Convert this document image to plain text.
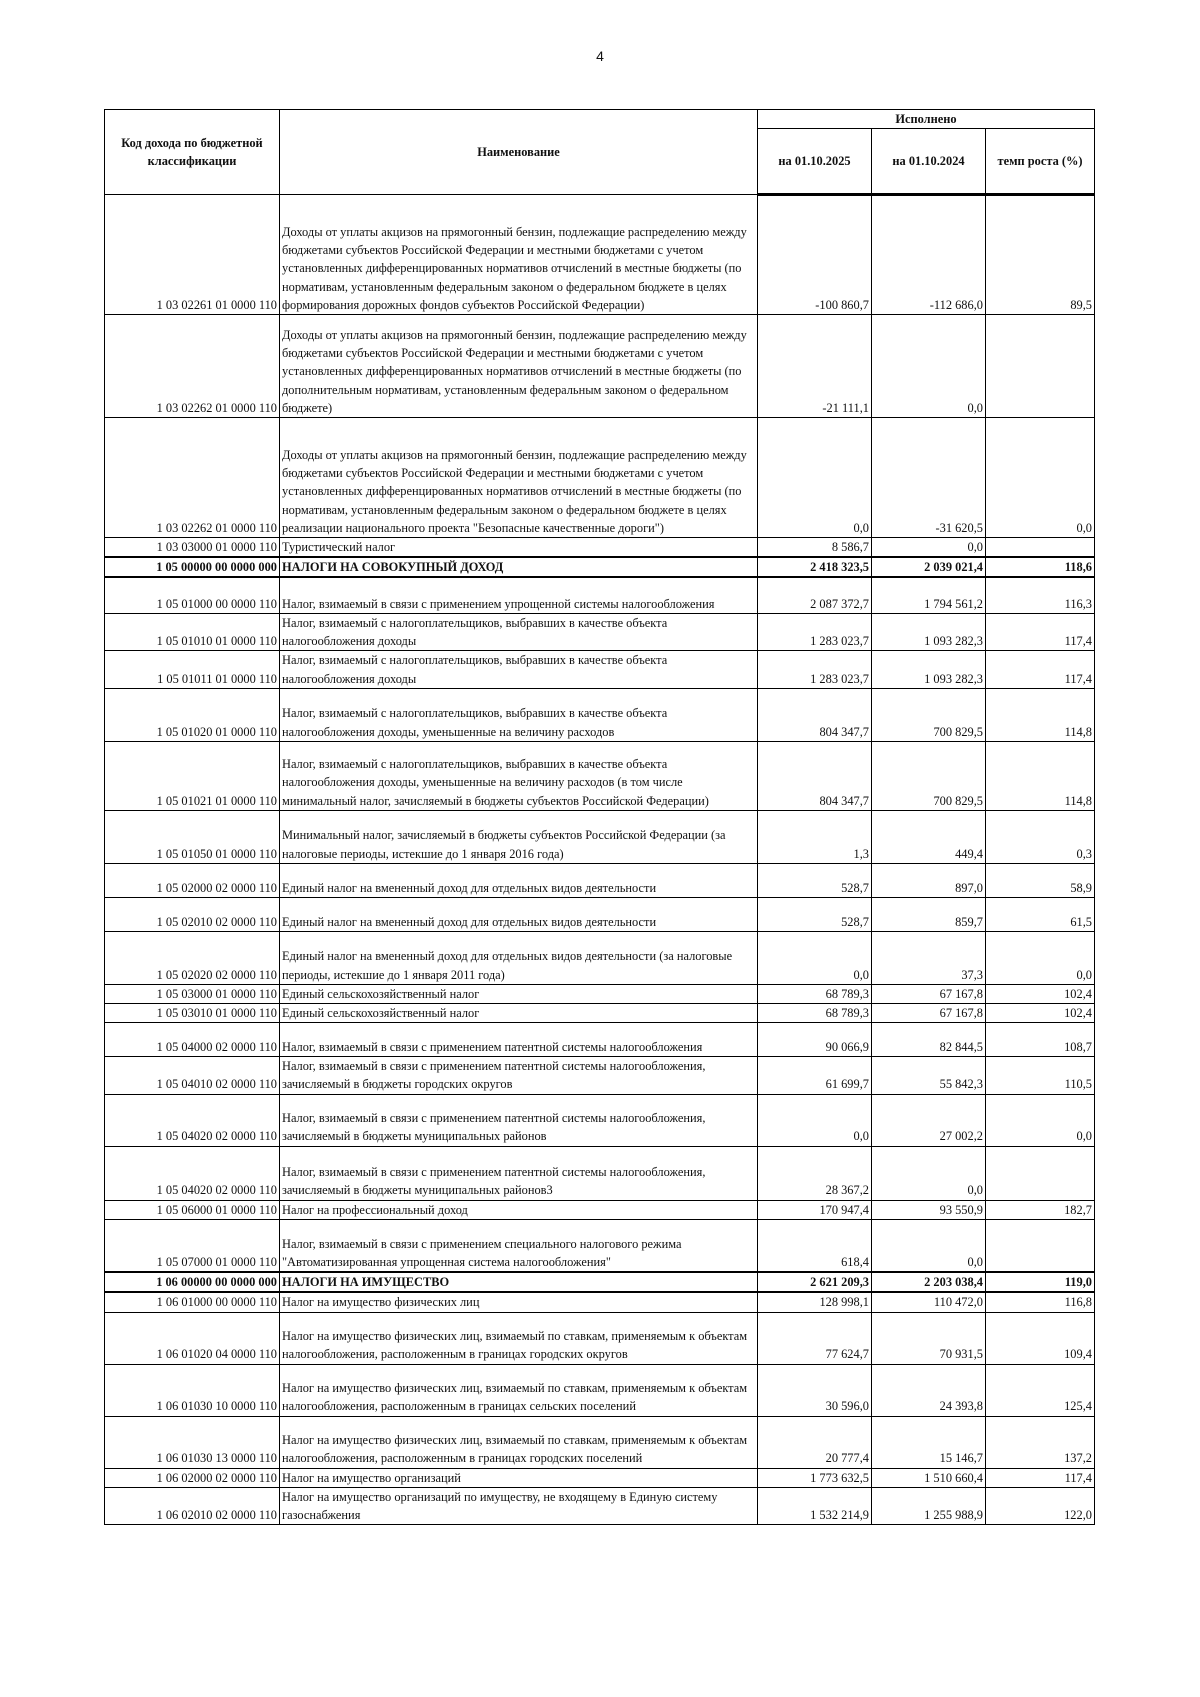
4
Код дохода по бюджетной классификации	Наименование	Исполнено		
		на 01.10.2025	на 01.10.2024	темп роста (%)
1 03 02261 01 0000 110	Доходы от уплаты акцизов на прямогонный бензин, подлежащие распределению между бюджетами субъектов Российской Федерации и местными бюджетами с учетом установленных дифференцированных нормативов отчислений в местные бюджеты (по нормативам, установленным федеральным законом о федеральном бюджете в целях формирования дорожных фондов субъектов Российской Федерации)	-100 860,7	-112 686,0	89,5
1 03 02262 01 0000 110	Доходы от уплаты акцизов на прямогонный бензин, подлежащие распределению между бюджетами субъектов Российской Федерации и местными бюджетами с учетом установленных дифференцированных нормативов отчислений в местные бюджеты (по дополнительным нормативам, установленным федеральным законом о федеральном бюджете)	-21 111,1	0,0	
1 03 02262 01 0000 110	Доходы от уплаты акцизов на прямогонный бензин, подлежащие распределению между бюджетами субъектов Российской Федерации и местными бюджетами с учетом установленных дифференцированных нормативов отчислений в местные бюджеты (по нормативам, установленным федеральным законом о федеральном бюджете в целях реализации национального проекта "Безопасные качественные дороги")	0,0	-31 620,5	0,0
1 03 03000 01 0000 110	Туристический налог	8 586,7	0,0	
1 05 00000 00 0000 000	НАЛОГИ НА СОВОКУПНЫЙ ДОХОД	2 418 323,5	2 039 021,4	118,6
1 05 01000 00 0000 110	Налог, взимаемый в связи с применением упрощенной системы налогообложения	2 087 372,7	1 794 561,2	116,3
1 05 01010 01 0000 110	Налог, взимаемый с налогоплательщиков, выбравших в качестве объекта налогообложения доходы	1 283 023,7	1 093 282,3	117,4
1 05 01011 01 0000 110	Налог, взимаемый с налогоплательщиков, выбравших в качестве объекта налогообложения доходы	1 283 023,7	1 093 282,3	117,4
1 05 01020 01 0000 110	Налог, взимаемый с налогоплательщиков, выбравших в качестве объекта налогообложения доходы, уменьшенные на величину расходов	804 347,7	700 829,5	114,8
1 05 01021 01 0000 110	Налог, взимаемый с налогоплательщиков, выбравших в качестве объекта налогообложения доходы, уменьшенные на величину расходов (в том числе минимальный налог, зачисляемый в бюджеты субъектов Российской Федерации)	804 347,7	700 829,5	114,8
1 05 01050 01 0000 110	Минимальный налог, зачисляемый в бюджеты субъектов Российской Федерации (за налоговые периоды, истекшие до 1 января 2016 года)	1,3	449,4	0,3
1 05 02000 02 0000 110	Единый налог на вмененный доход для отдельных видов деятельности	528,7	897,0	58,9
1 05 02010 02 0000 110	Единый налог на вмененный доход для отдельных видов деятельности	528,7	859,7	61,5
1 05 02020 02 0000 110	Единый налог на вмененный доход для отдельных видов деятельности (за налоговые периоды, истекшие до 1 января 2011 года)	0,0	37,3	0,0
1 05 03000 01 0000 110	Единый сельскохозяйственный налог	68 789,3	67 167,8	102,4
1 05 03010 01 0000 110	Единый сельскохозяйственный налог	68 789,3	67 167,8	102,4
1 05 04000 02 0000 110	Налог, взимаемый в связи с применением патентной системы налогообложения	90 066,9	82 844,5	108,7
1 05 04010 02 0000 110	Налог, взимаемый в связи с применением патентной системы налогообложения, зачисляемый в бюджеты городских округов	61 699,7	55 842,3	110,5
1 05 04020 02 0000 110	Налог, взимаемый в связи с применением патентной системы налогообложения, зачисляемый в бюджеты муниципальных районов	0,0	27 002,2	0,0
1 05 04020 02 0000 110	Налог, взимаемый в связи с применением патентной системы налогообложения, зачисляемый в бюджеты муниципальных районов3	28 367,2	0,0	
1 05 06000 01 0000 110	Налог на профессиональный доход	170 947,4	93 550,9	182,7
1 05 07000 01 0000 110	Налог, взимаемый в связи с применением специального налогового режима "Автоматизированная упрощенная система налогообложения"	618,4	0,0	
1 06 00000 00 0000 000	НАЛОГИ НА ИМУЩЕСТВО	2 621 209,3	2 203 038,4	119,0
1 06 01000 00 0000 110	Налог на имущество физических лиц	128 998,1	110 472,0	116,8
1 06 01020 04 0000 110	Налог на имущество физических лиц, взимаемый по ставкам, применяемым к объектам налогообложения, расположенным в границах городских округов	77 624,7	70 931,5	109,4
1 06 01030 10 0000 110	Налог на имущество физических лиц, взимаемый по ставкам, применяемым к объектам налогообложения, расположенным в границах сельских поселений	30 596,0	24 393,8	125,4
1 06 01030 13 0000 110	Налог на имущество физических лиц, взимаемый по ставкам, применяемым к объектам налогообложения, расположенным в границах городских поселений	20 777,4	15 146,7	137,2
1 06 02000 02 0000 110	Налог на имущество организаций	1 773 632,5	1 510 660,4	117,4
1 06 02010 02 0000 110	Налог на имущество организаций по имуществу, не входящему в Единую систему газоснабжения	1 532 214,9	1 255 988,9	122,0
